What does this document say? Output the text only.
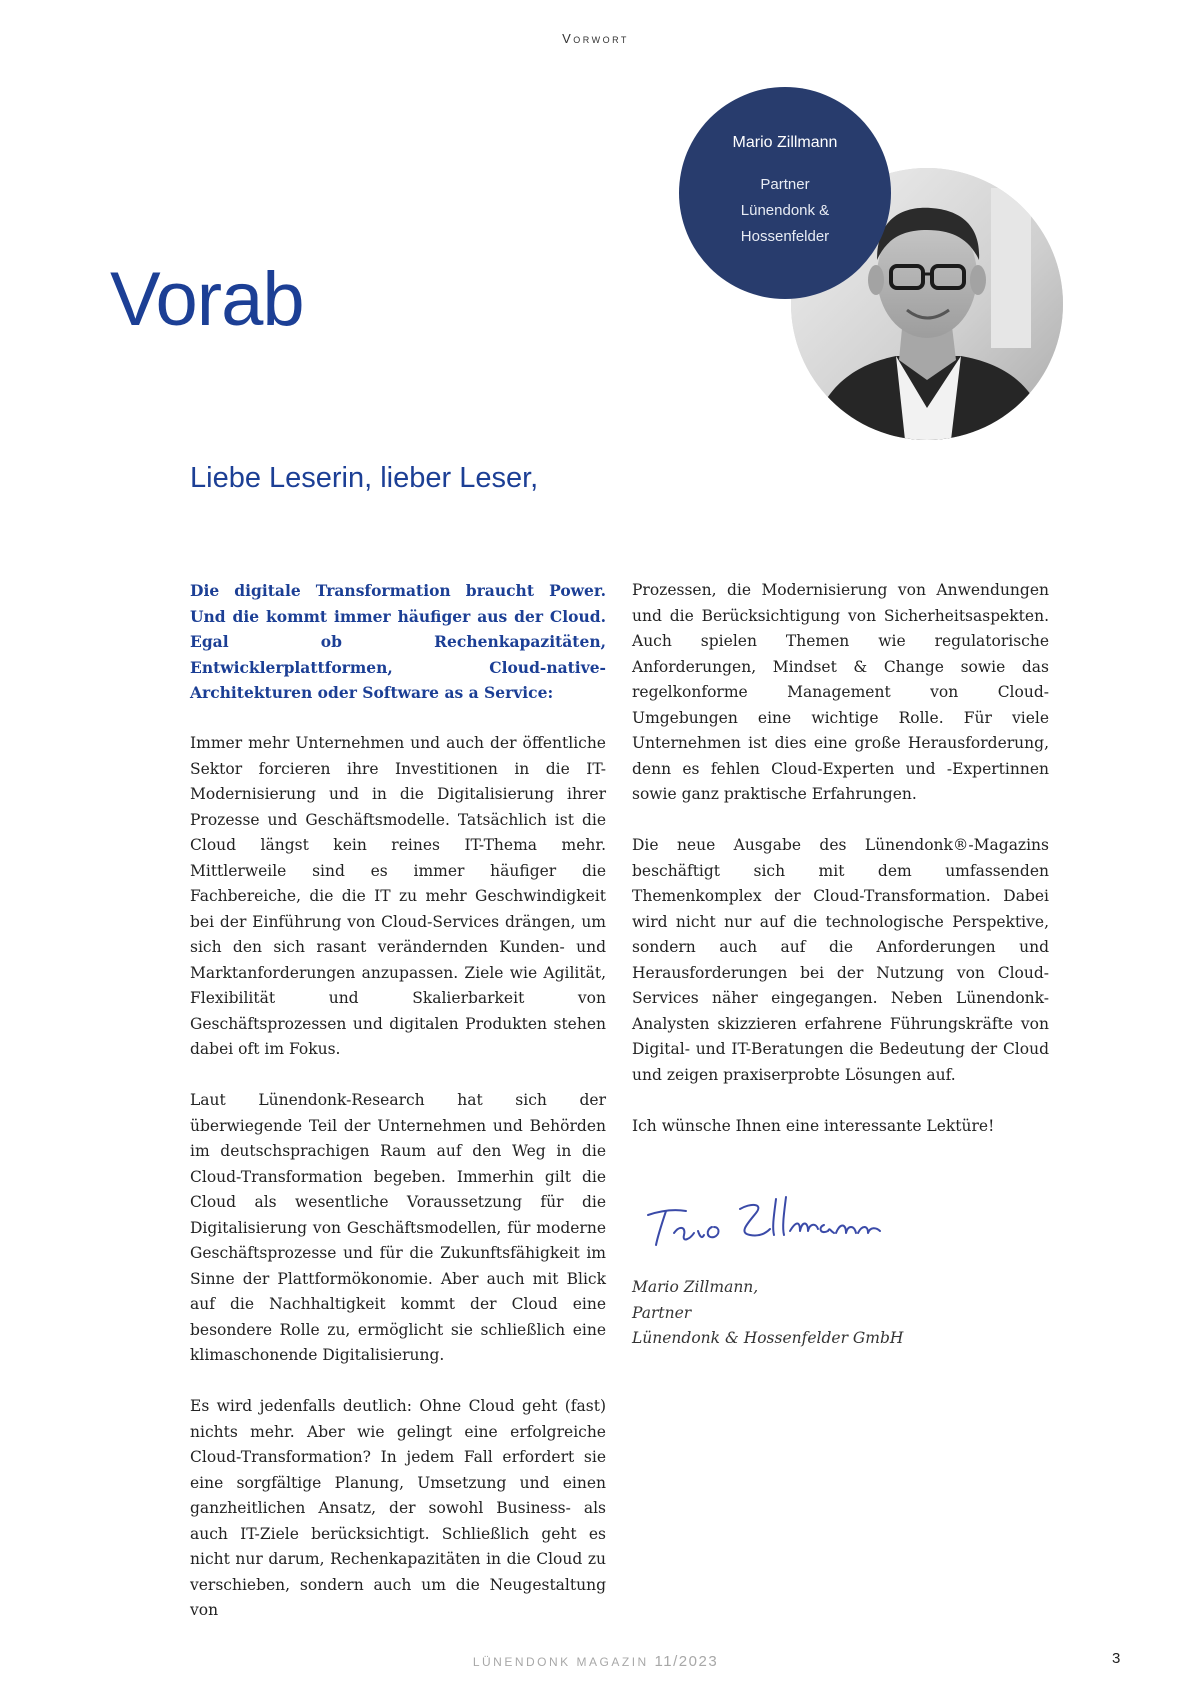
Vorwort
Vorab
Mario Zillmann
Partner
Lünendonk &
Hossenfelder
Liebe Leserin, lieber Leser,

Die digitale Transformation braucht Power. Und die kommt immer häufiger aus der Cloud. Egal ob Rechenkapazitäten, Entwicklerplattformen, Cloud-native-Architekturen oder Software as a Service:

Immer mehr Unternehmen und auch der öffentliche Sektor forcieren ihre Investitionen in die IT-Modernisierung und in die Digitalisierung ihrer Prozesse und Geschäftsmodelle. Tatsächlich ist die Cloud längst kein reines IT-Thema mehr. Mittlerweile sind es immer häufiger die Fachbereiche, die die IT zu mehr Geschwindigkeit bei der Einführung von Cloud-Services drängen, um sich den sich rasant verändernden Kunden- und Marktanforderungen anzupassen. Ziele wie Agilität, Flexibilität und Skalierbarkeit von Geschäftsprozessen und digitalen Produkten stehen dabei oft im Fokus.

Laut Lünendonk-Research hat sich der überwiegende Teil der Unternehmen und Behörden im deutschsprachigen Raum auf den Weg in die Cloud-Transformation begeben. Immerhin gilt die Cloud als wesentliche Voraussetzung für die Digitalisierung von Geschäftsmodellen, für moderne Geschäftsprozesse und für die Zukunftsfähigkeit im Sinne der Plattformökonomie. Aber auch mit Blick auf die Nachhaltigkeit kommt der Cloud eine besondere Rolle zu, ermöglicht sie schließlich eine klimaschonende Digitalisierung.

Es wird jedenfalls deutlich: Ohne Cloud geht (fast) nichts mehr. Aber wie gelingt eine erfolgreiche Cloud-Transformation? In jedem Fall erfordert sie eine sorgfältige Planung, Umsetzung und einen ganzheitlichen Ansatz, der sowohl Business- als auch IT-Ziele berücksichtigt. Schließlich geht es nicht nur darum, Rechenkapazitäten in die Cloud zu verschieben, sondern auch um die Neugestaltung von

Prozessen, die Modernisierung von Anwendungen und die Berücksichtigung von Sicherheitsaspekten. Auch spielen Themen wie regulatorische Anforderungen, Mindset & Change sowie das regelkonforme Management von Cloud-Umgebungen eine wichtige Rolle. Für viele Unternehmen ist dies eine große Herausforderung, denn es fehlen Cloud-Experten und -Expertinnen sowie ganz praktische Erfahrungen.

Die neue Ausgabe des Lünendonk®-Magazins beschäftigt sich mit dem umfassenden Themenkomplex der Cloud-Transformation. Dabei wird nicht nur auf die technologische Perspektive, sondern auch auf die Anforderungen und Herausforderungen bei der Nutzung von Cloud-Services näher eingegangen. Neben Lünendonk-Analysten skizzieren erfahrene Führungskräfte von Digital- und IT-Beratungen die Bedeutung der Cloud und zeigen praxiserprobte Lösungen auf.

Ich wünsche Ihnen eine interessante Lektüre!

Mario Zillmann,
Partner
Lünendonk & Hossenfelder GmbH
LÜNENDONK MAGAZIN 11/2023	3
